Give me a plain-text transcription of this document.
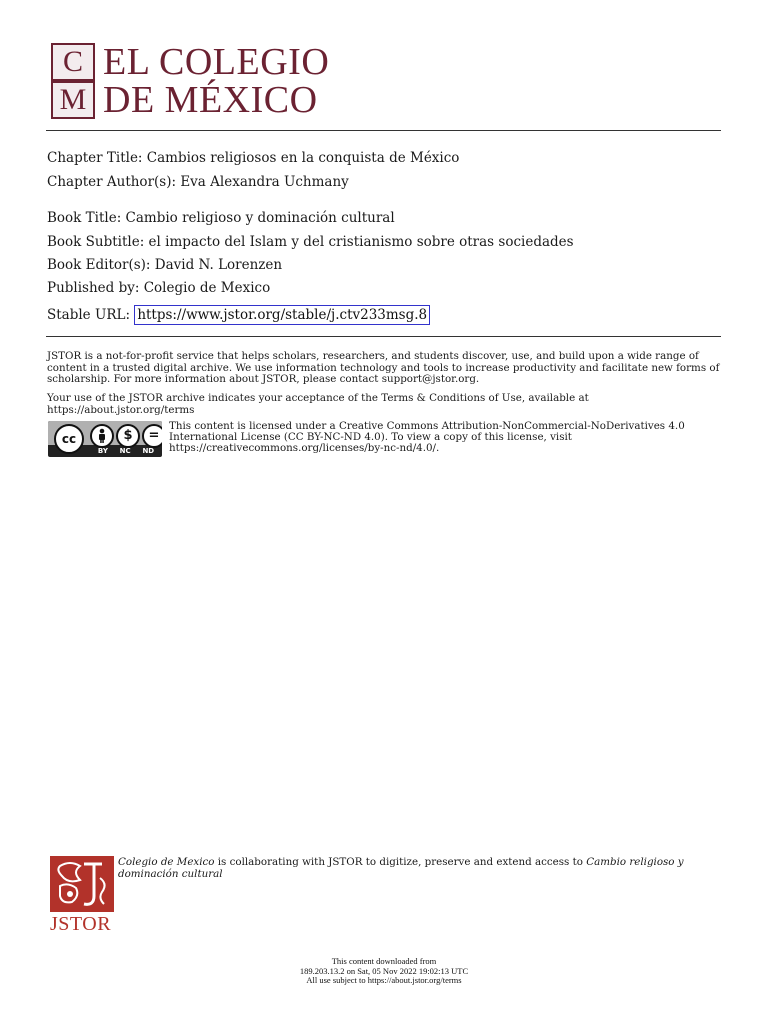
C
M
EL COLEGIO
DE MÉXICO
Chapter Title: Cambios religiosos en la conquista de México
Chapter Author(s): Eva Alexandra Uchmany
Book Title: Cambio religioso y dominación cultural
Book Subtitle: el impacto del Islam y del cristianismo sobre otras sociedades
Book Editor(s): David N. Lorenzen
Published by: Colegio de Mexico
Stable URL: https://www.jstor.org/stable/j.ctv233msg.8
JSTOR is a not-for-profit service that helps scholars, researchers, and students discover, use, and build upon a wide range of content in a trusted digital archive. We use information technology and tools to increase productivity and facilitate new forms of scholarship. For more information about JSTOR, please contact support@jstor.org.
Your use of the JSTOR archive indicates your acceptance of the Terms & Conditions of Use, available at https://about.jstor.org/terms
cc	$	=
BY NC ND
This content is licensed under a Creative Commons Attribution-NonCommercial-NoDerivatives 4.0 International License (CC BY-NC-ND 4.0). To view a copy of this license, visit https://creativecommons.org/licenses/by-nc-nd/4.0/.
JSTOR
Colegio de Mexico is collaborating with JSTOR to digitize, preserve and extend access to Cambio religioso y dominación cultural
This content downloaded from
189.203.13.2 on Sat, 05 Nov 2022 19:02:13 UTC
All use subject to https://about.jstor.org/terms
